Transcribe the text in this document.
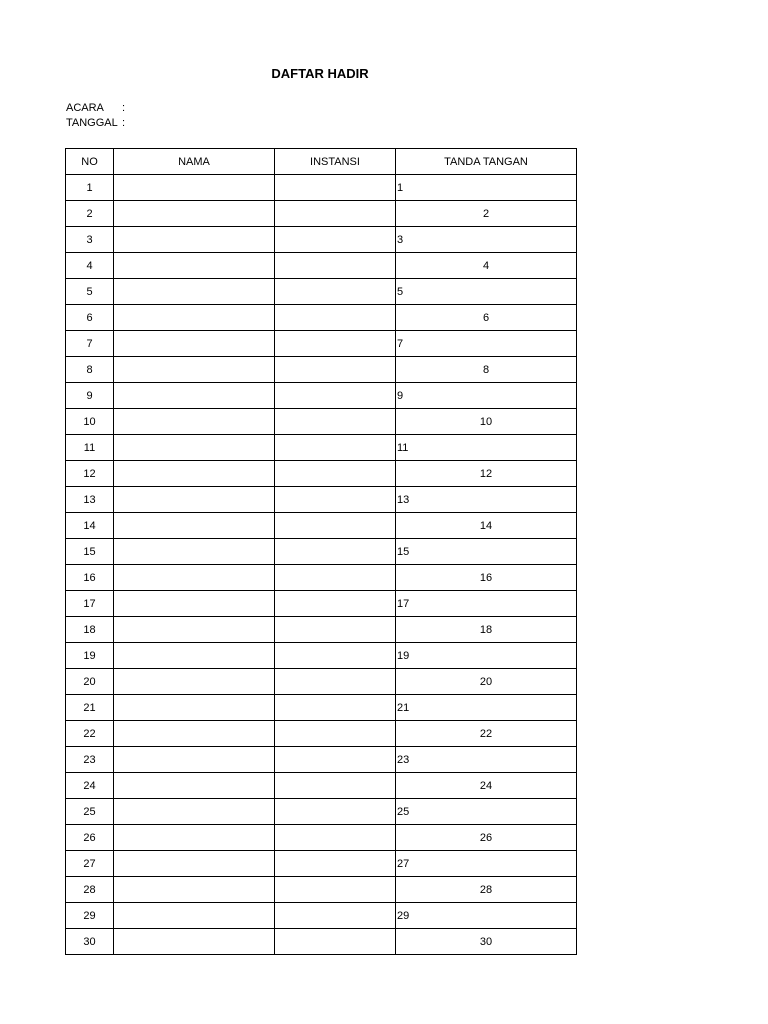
DAFTAR HADIR
ACARA :
TANGGAL :
NO	NAMA	INSTANSI	TANDA TANGAN
1			1
2			2
3			3
4			4
5			5
6			6
7			7
8			8
9			9
10			10
11			11
12			12
13			13
14			14
15			15
16			16
17			17
18			18
19			19
20			20
21			21
22			22
23			23
24			24
25			25
26			26
27			27
28			28
29			29
30			30
